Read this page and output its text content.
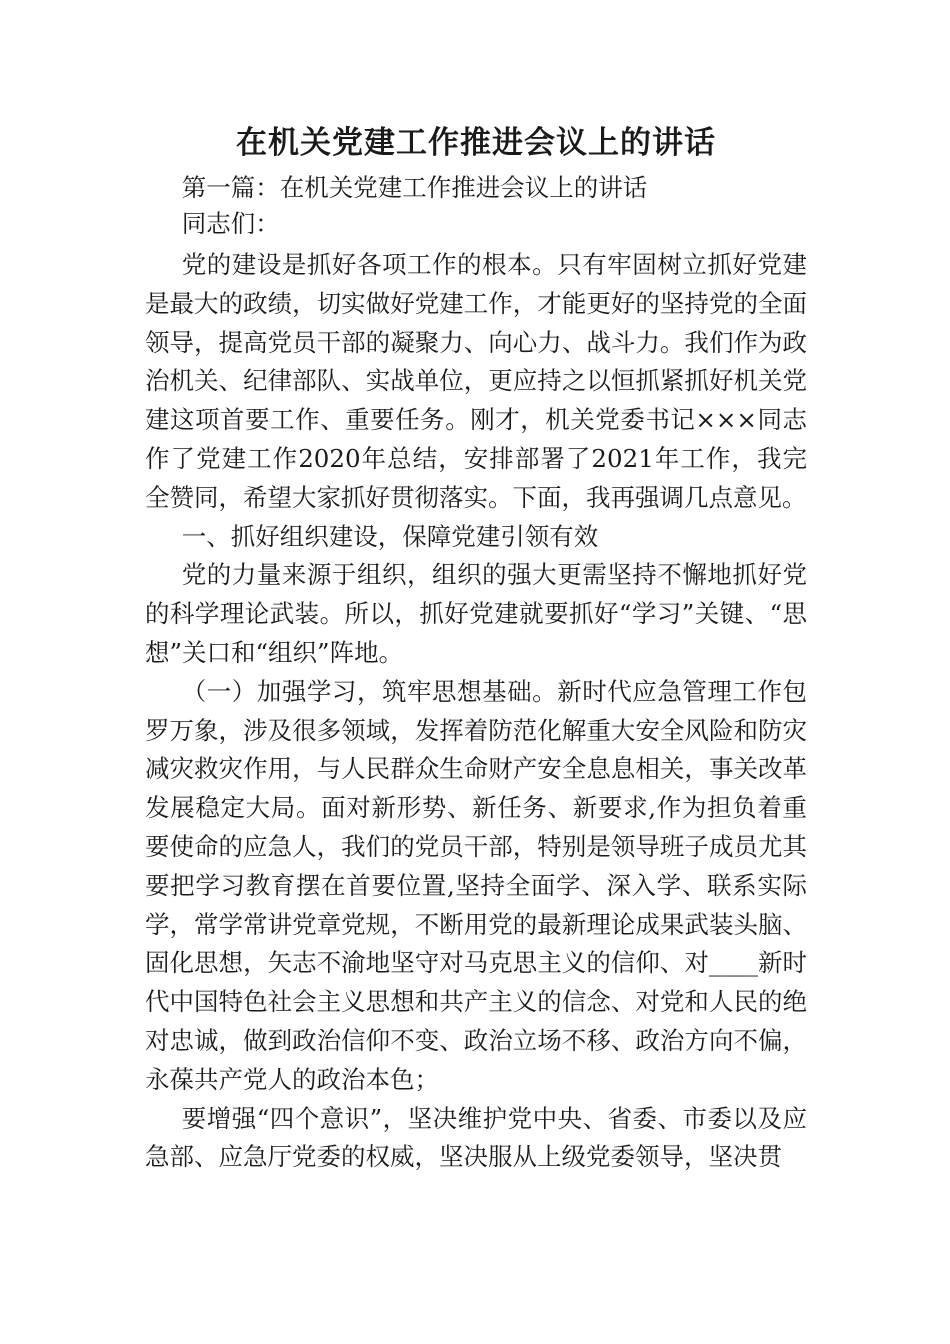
在机关党建工作推进会议上的讲话

第一篇：在机关党建工作推进会议上的讲话

同志们：

党的建设是抓好各项工作的根本。只有牢固树立抓好党建是最大的政绩，切实做好党建工作，才能更好的坚持党的全面领导，提高党员干部的凝聚力、向心力、战斗力。我们作为政治机关、纪律部队、实战单位，更应持之以恒抓紧抓好机关党建这项首要工作、重要任务。刚才，机关党委书记×××同志作了党建工作2020年总结，安排部署了2021年工作，我完全赞同，希望大家抓好贯彻落实。下面，我再强调几点意见。

一、抓好组织建设，保障党建引领有效

党的力量来源于组织，组织的强大更需坚持不懈地抓好党的科学理论武装。所以，抓好党建就要抓好“学习”关键、“思想”关口和“组织”阵地。

（一）加强学习，筑牢思想基础。新时代应急管理工作包罗万象，涉及很多领域，发挥着防范化解重大安全风险和防灾减灾救灾作用，与人民群众生命财产安全息息相关，事关改革发展稳定大局。面对新形势、新任务、新要求,作为担负着重要使命的应急人，我们的党员干部，特别是领导班子成员尤其要把学习教育摆在首要位置,坚持全面学、深入学、联系实际学，常学常讲党章党规，不断用党的最新理论成果武装头脑、固化思想，矢志不渝地坚守对马克思主义的信仰、对____新时代中国特色社会主义思想和共产主义的信念、对党和人民的绝对忠诚，做到政治信仰不变、政治立场不移、政治方向不偏，永葆共产党人的政治本色；

要增强“四个意识”，坚决维护党中央、省委、市委以及应急部、应急厅党委的权威，坚决服从上级党委领导，坚决贯
